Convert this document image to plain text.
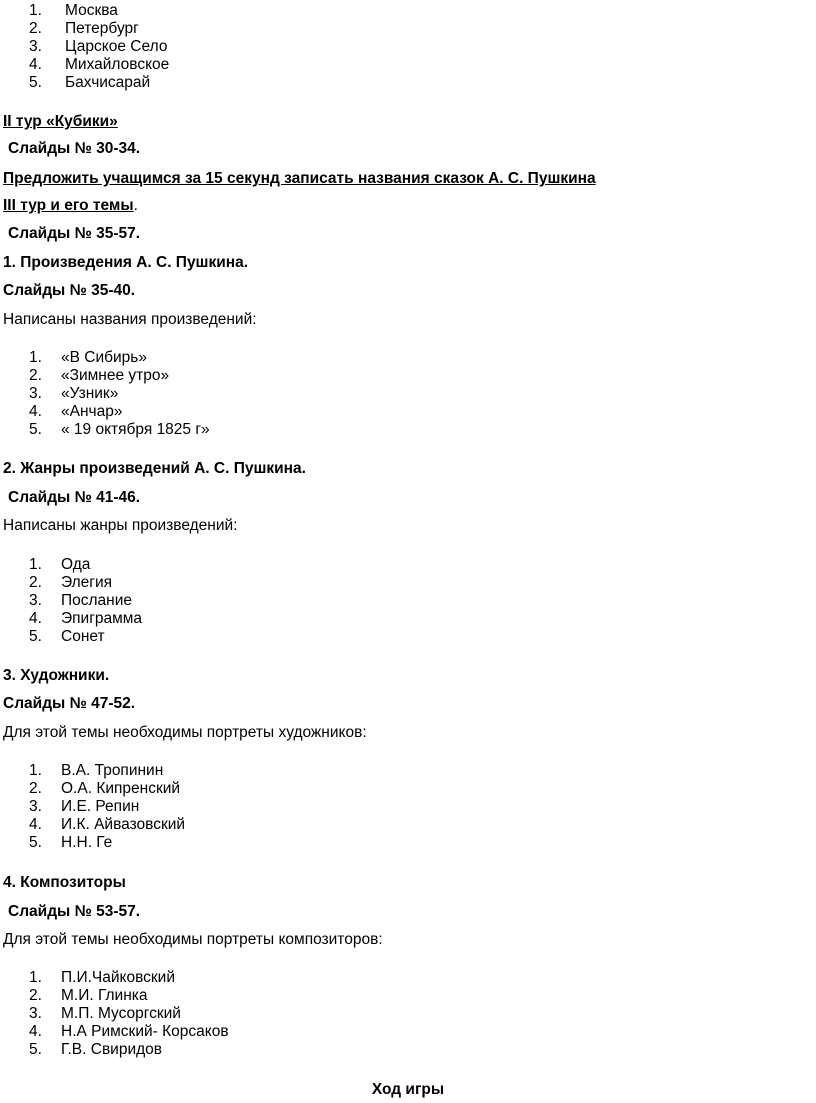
1. Москва
2. Петербург
3. Царское Село
4. Михайловское
5. Бахчисарай
II тур «Кубики»
Слайды № 30-34.
Предложить учащимся за 15 секунд записать названия сказок А. С. Пушкина
III тур и его темы.
Слайды № 35-57.
1. Произведения А. С. Пушкина.
Слайды № 35-40.
Написаны названия произведений:
1. «В Сибирь»
2. «Зимнее утро»
3. «Узник»
4. «Анчар»
5. « 19 октября 1825 г»
2. Жанры произведений А. С. Пушкина.
Слайды № 41-46.
Написаны жанры произведений:
1. Ода
2. Элегия
3. Послание
4. Эпиграмма
5. Сонет
3. Художники.
Слайды № 47-52.
Для этой темы необходимы портреты художников:
1. В.А. Тропинин
2. О.А. Кипренский
3. И.Е. Репин
4. И.К. Айвазовский
5. Н.Н. Ге
4. Композиторы
Слайды № 53-57.
Для этой темы необходимы портреты композиторов:
1. П.И.Чайковский
2. М.И. Глинка
3. М.П. Мусоргский
4. Н.А Римский- Корсаков
5. Г.В. Свиридов
Ход игры
